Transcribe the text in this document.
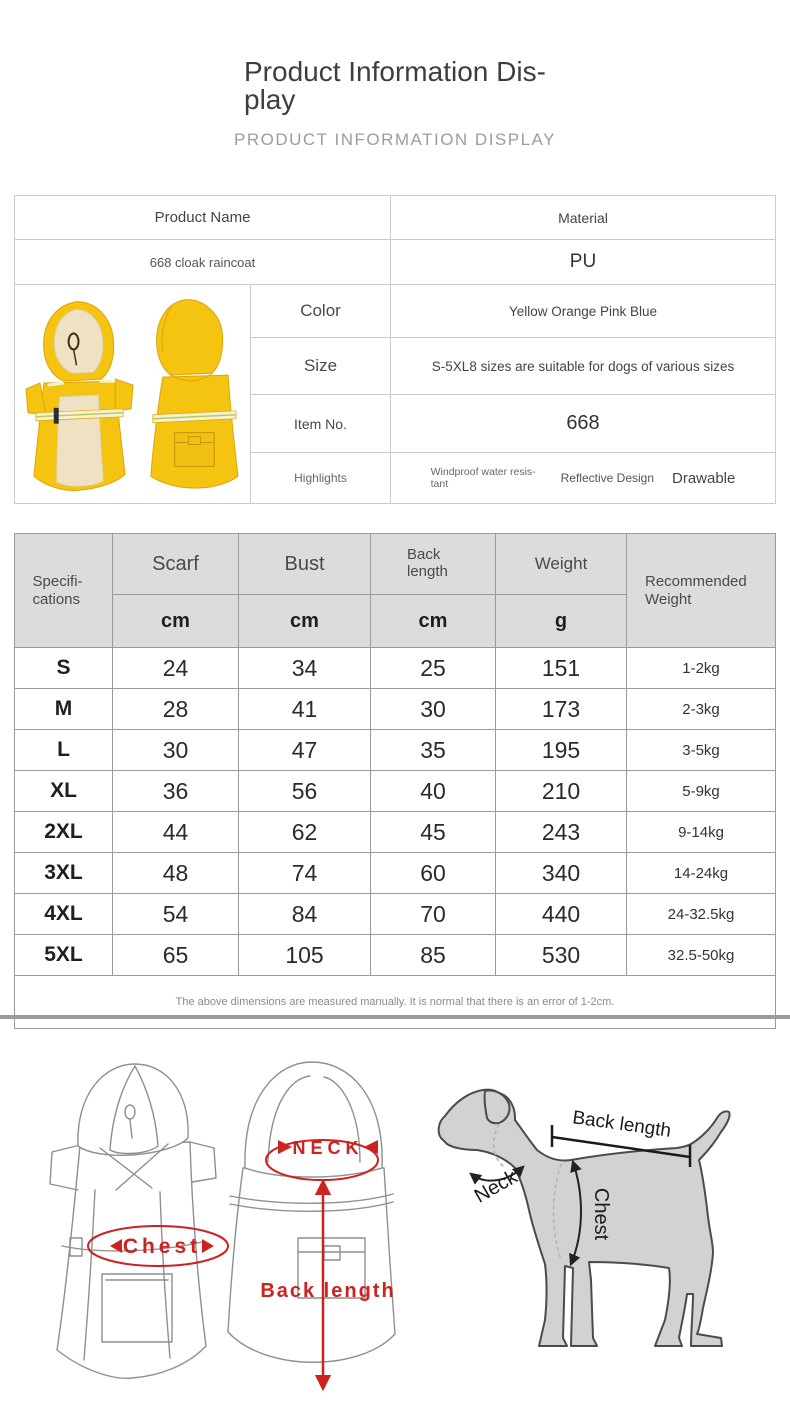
Product Information Dis-
play
PRODUCT INFORMATION DISPLAY
Product Name		Material
668 cloak raincoat		PU
	Color	Yellow Orange Pink Blue
	Size	S-5XL8 sizes are suitable for dogs of various sizes
	Item No.	668
	Highlights	Windproof water resis-tant Reflective Design Drawable
Specifi-cations	Scarf	Bust	Back length	Weight	Recommended Weight
	cm	cm	cm	g	
S	24	34	25	151	1-2kg
M	28	41	30	173	2-3kg
L	30	47	35	195	3-5kg
XL	36	56	40	210	5-9kg
2XL	44	62	45	243	9-14kg
3XL	48	74	60	340	14-24kg
4XL	54	84	70	440	24-32.5kg
5XL	65	105	85	530	32.5-50kg
The above dimensions are measured manually. It is normal that there is an error of 1-2cm.					
Chest
NECK
Back length
Back length
Neck
Chest
